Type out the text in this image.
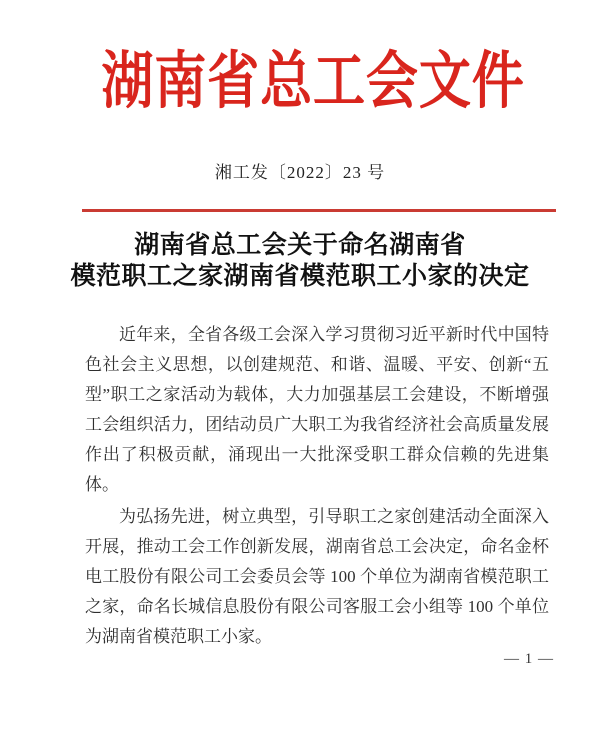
湖南省总工会文件
湘工发〔2022〕23 号
湖南省总工会关于命名湖南省
模范职工之家湖南省模范职工小家的决定

近年来，全省各级工会深入学习贯彻习近平新时代中国特色社会主义思想，以创建规范、和谐、温暖、平安、创新“五型”职工之家活动为载体，大力加强基层工会建设，不断增强工会组织活力，团结动员广大职工为我省经济社会高质量发展作出了积极贡献，涌现出一大批深受职工群众信赖的先进集体。

为弘扬先进，树立典型，引导职工之家创建活动全面深入开展，推动工会工作创新发展，湖南省总工会决定，命名金杯电工股份有限公司工会委员会等 100 个单位为湖南省模范职工之家，命名长城信息股份有限公司客服工会小组等 100 个单位为湖南省模范职工小家。

— 1 —
